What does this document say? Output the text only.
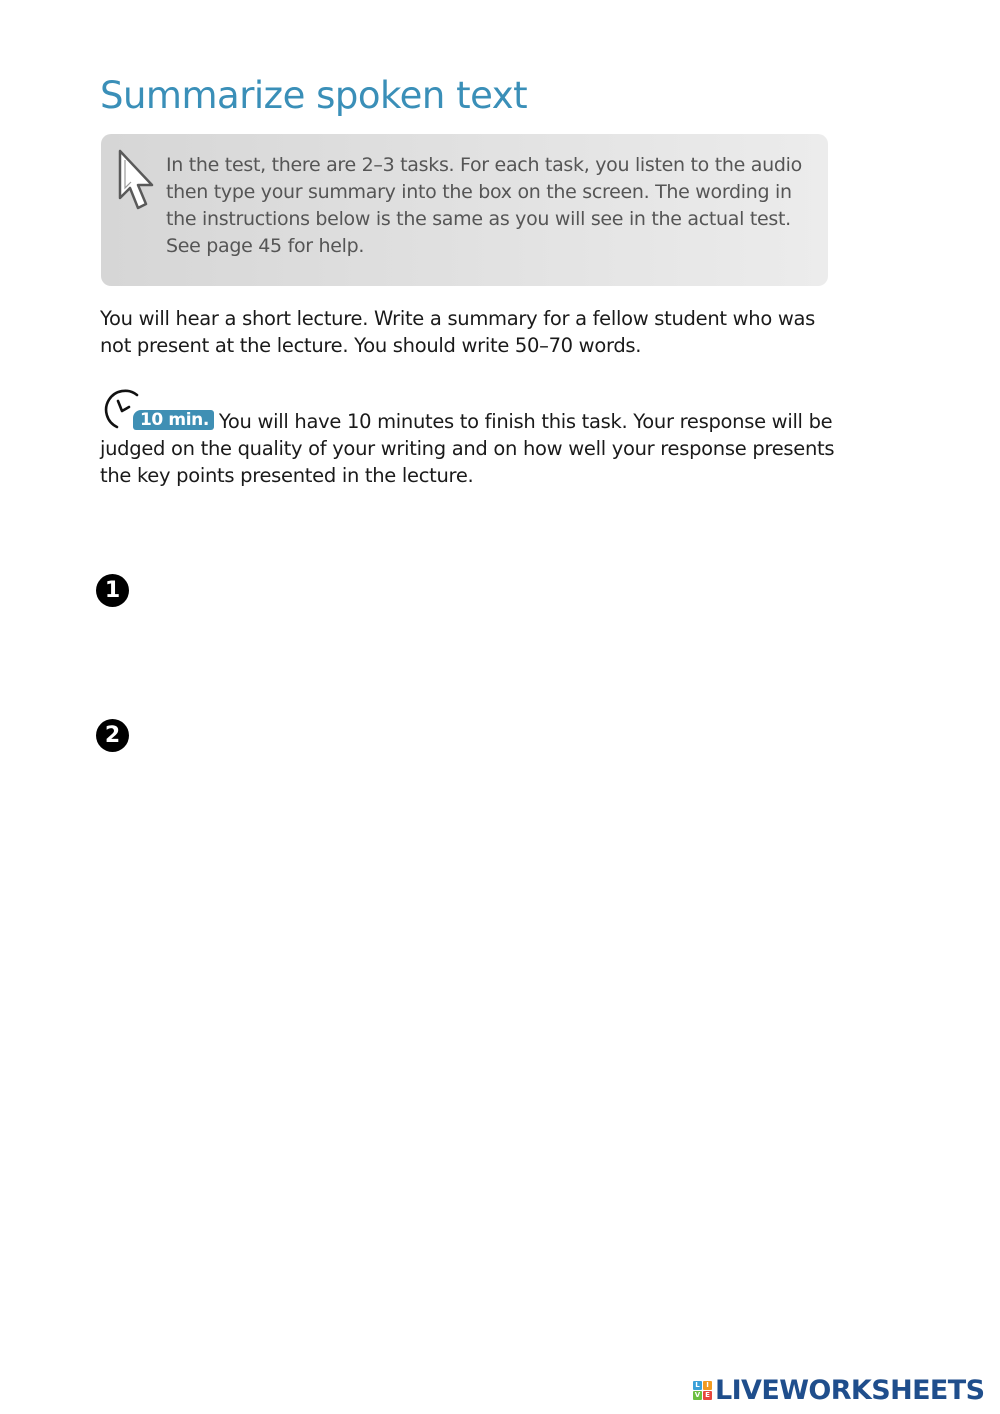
Summarize spoken text
In the test, there are 2–3 tasks. For each task, you listen to the audio then type your summary into the box on the screen. The wording in the instructions below is the same as you will see in the actual test. See page 45 for help.
You will hear a short lecture. Write a summary for a fellow student who was not present at the lecture. You should write 50–70 words.
10 min. You will have 10 minutes to finish this task. Your response will be judged on the quality of your writing and on how well your response presents the key points presented in the lecture.
1
2
L I
V E LIVEWORKSHEETS
